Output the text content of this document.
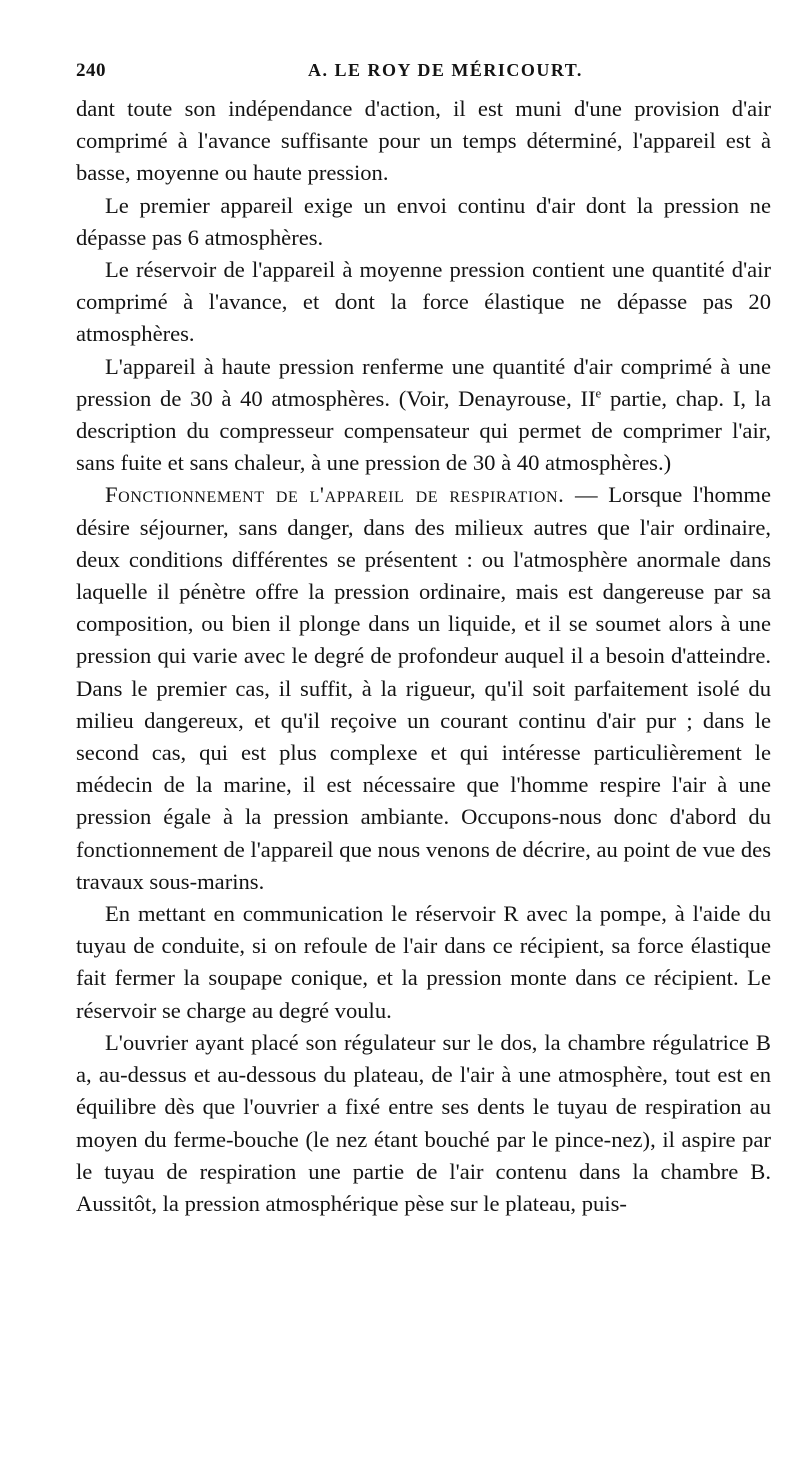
240	A. LE ROY DE MÉRICOURT.

dant toute son indépendance d'action, il est muni d'une provision d'air comprimé à l'avance suffisante pour un temps déterminé, l'appareil est à basse, moyenne ou haute pression.

Le premier appareil exige un envoi continu d'air dont la pression ne dépasse pas 6 atmosphères.

Le réservoir de l'appareil à moyenne pression contient une quantité d'air comprimé à l'avance, et dont la force élastique ne dépasse pas 20 atmosphères.

L'appareil à haute pression renferme une quantité d'air comprimé à une pression de 30 à 40 atmosphères. (Voir, Denayrouse, IIe partie, chap. I, la description du compresseur compensateur qui permet de comprimer l'air, sans fuite et sans chaleur, à une pression de 30 à 40 atmosphères.)

Fonctionnement de l'appareil de respiration. — Lorsque l'homme désire séjourner, sans danger, dans des milieux autres que l'air ordinaire, deux conditions différentes se présentent : ou l'atmosphère anormale dans laquelle il pénètre offre la pression ordinaire, mais est dangereuse par sa composition, ou bien il plonge dans un liquide, et il se soumet alors à une pression qui varie avec le degré de profondeur auquel il a besoin d'atteindre. Dans le premier cas, il suffit, à la rigueur, qu'il soit parfaitement isolé du milieu dangereux, et qu'il reçoive un courant continu d'air pur ; dans le second cas, qui est plus complexe et qui intéresse particulièrement le médecin de la marine, il est nécessaire que l'homme respire l'air à une pression égale à la pression ambiante. Occupons-nous donc d'abord du fonctionnement de l'appareil que nous venons de décrire, au point de vue des travaux sous-marins.

En mettant en communication le réservoir R avec la pompe, à l'aide du tuyau de conduite, si on refoule de l'air dans ce récipient, sa force élastique fait fermer la soupape conique, et la pression monte dans ce récipient. Le réservoir se charge au degré voulu.

L'ouvrier ayant placé son régulateur sur le dos, la chambre régulatrice B a, au-dessus et au-dessous du plateau, de l'air à une atmosphère, tout est en équilibre dès que l'ouvrier a fixé entre ses dents le tuyau de respiration au moyen du ferme-bouche (le nez étant bouché par le pince-nez), il aspire par le tuyau de respiration une partie de l'air contenu dans la chambre B. Aussitôt, la pression atmosphérique pèse sur le plateau, puis-
